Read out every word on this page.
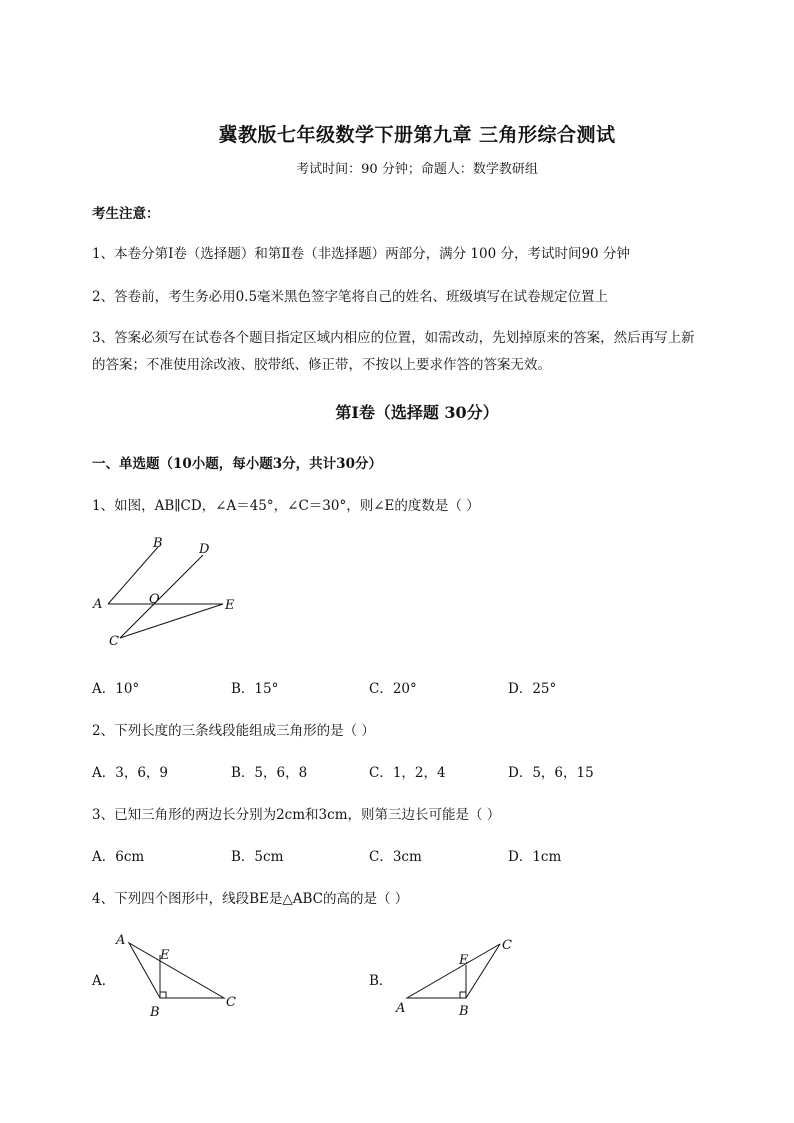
冀教版七年级数学下册第九章 三角形综合测试
考试时间：90 分钟；命题人：数学教研组
考生注意：
1、本卷分第Ⅰ卷（选择题）和第Ⅱ卷（非选择题）两部分，满分 100 分，考试时间90 分钟
2、答卷前，考生务必用0.5毫米黑色签字笔将自己的姓名、班级填写在试卷规定位置上
3、答案必须写在试卷各个题目指定区域内相应的位置，如需改动，先划掉原来的答案，然后再写上新
的答案；不准使用涂改液、胶带纸、修正带，不按以上要求作答的答案无效。
第Ⅰ卷（选择题 30分）
一、单选题（10小题，每小题3分，共计30分）
1、如图，AB∥CD，∠A＝45°，∠C＝30°，则∠E的度数是（ ）
B	D
A	O	E
C
A．10°	B．15°	C．20°	D．25°
2、下列长度的三条线段能组成三角形的是（ ）
A．3，6，9	B．5，6，8	C．1，2，4	D．5，6，15
3、已知三角形的两边长分别为2cm和3cm，则第三边长可能是（ ）
A．6cm	B．5cm	C．3cm	D．1cm
4、下列四个图形中，线段BE是△ABC的高的是（ ）
A．
A
E
B
C
B．
E
C
A	B
